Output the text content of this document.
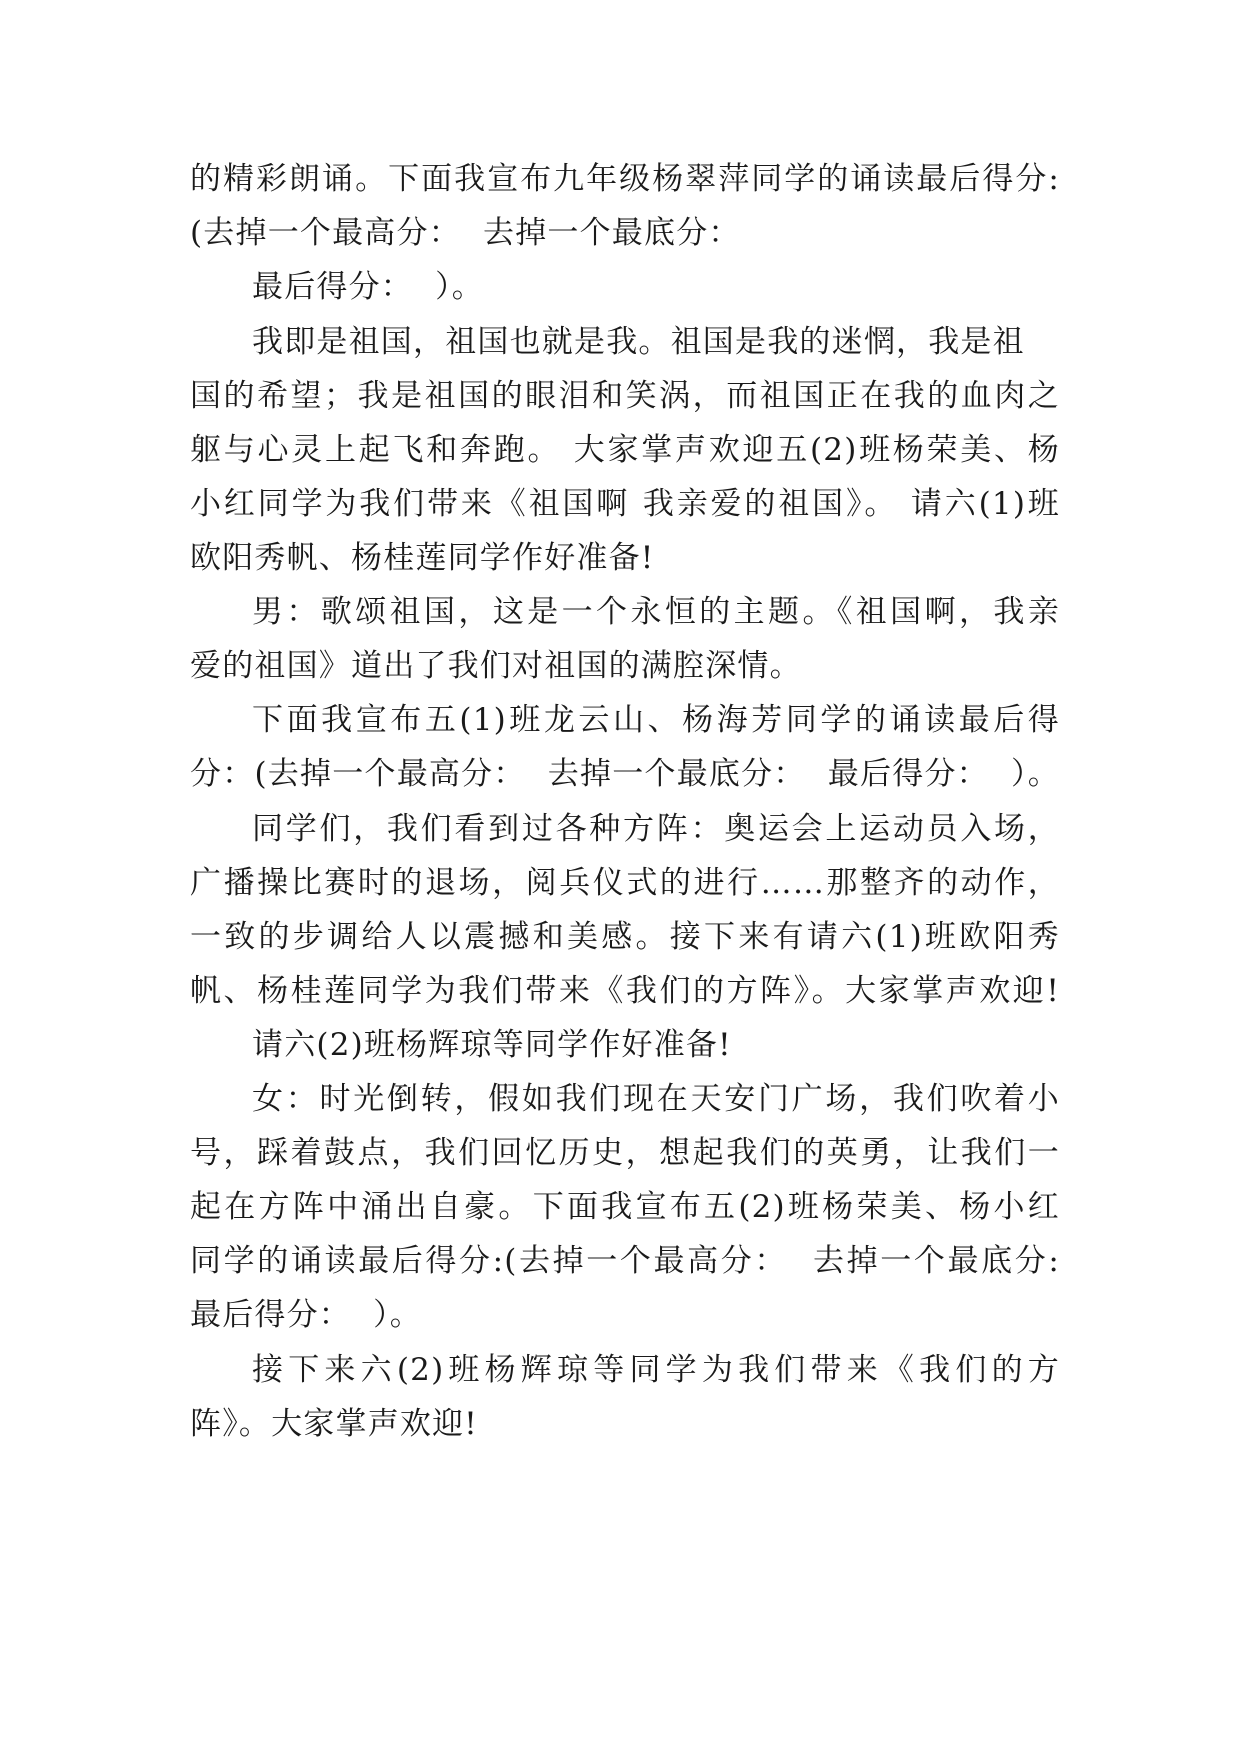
的精彩朗诵。下面我宣布九年级杨翠萍同学的诵读最后得分:
(去掉一个最高分：  去掉一个最底分：
最后得分：  ）。
我即是祖国，祖国也就是我。祖国是我的迷惘，我是祖
国的希望；我是祖国的眼泪和笑涡，而祖国正在我的血肉之
躯与心灵上起飞和奔跑。 大家掌声欢迎五(2)班杨荣美、杨
小红同学为我们带来《祖国啊 我亲爱的祖国》。 请六(1)班
欧阳秀帆、杨桂莲同学作好准备!
男：歌颂祖国，这是一个永恒的主题。《祖国啊，我亲
爱的祖国》道出了我们对祖国的满腔深情。
下面我宣布五(1)班龙云山、杨海芳同学的诵读最后得
分：(去掉一个最高分：  去掉一个最底分：  最后得分：  ）。
同学们，我们看到过各种方阵：奥运会上运动员入场，
广播操比赛时的退场，阅兵仪式的进行……那整齐的动作，
一致的步调给人以震撼和美感。接下来有请六(1)班欧阳秀
帆、杨桂莲同学为我们带来《我们的方阵》。大家掌声欢迎!
请六(2)班杨辉琼等同学作好准备!
女：时光倒转，假如我们现在天安门广场，我们吹着小
号，踩着鼓点，我们回忆历史，想起我们的英勇，让我们一
起在方阵中涌出自豪。下面我宣布五(2)班杨荣美、杨小红
同学的诵读最后得分:(去掉一个最高分：  去掉一个最底分:
最后得分：  ）。
接下来六(2)班杨辉琼等同学为我们带来《我们的方
阵》。大家掌声欢迎!
